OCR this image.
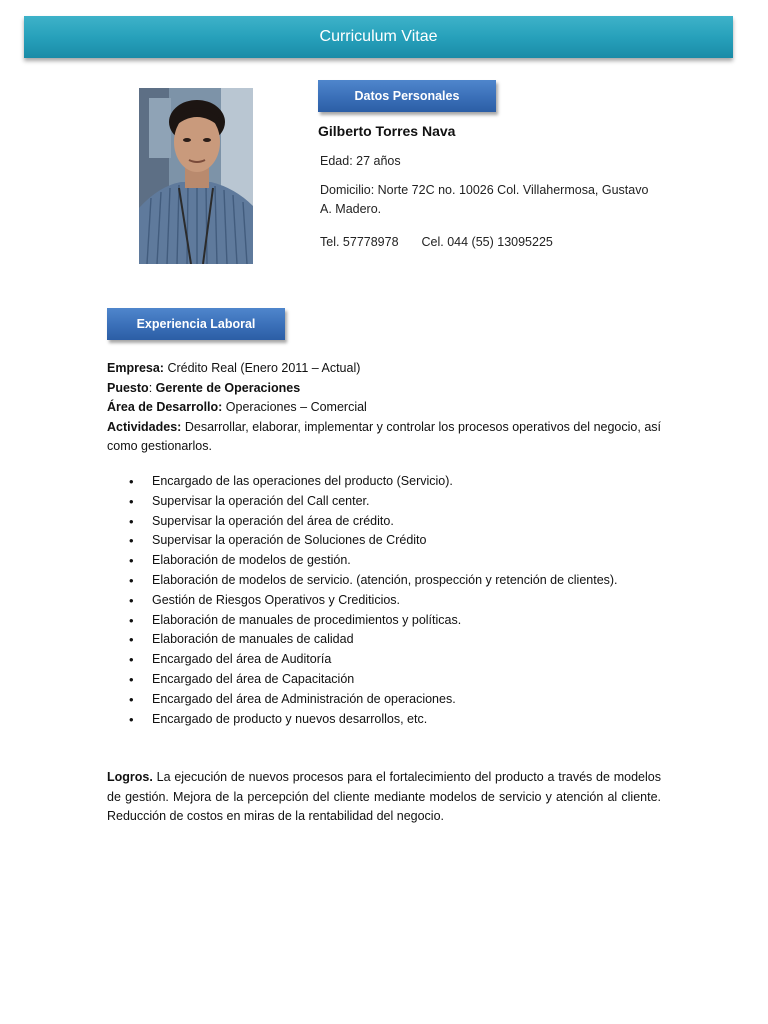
Curriculum Vitae
Datos Personales
Gilberto Torres Nava
Edad: 27 años
Domicilio: Norte 72C no. 10026 Col. Villahermosa, Gustavo A. Madero.
Tel. 57778978 Cel. 044 (55) 13095225
Experiencia Laboral
Empresa: Crédito Real (Enero 2011 – Actual)
Puesto: Gerente de Operaciones
Área de Desarrollo: Operaciones – Comercial
Actividades: Desarrollar, elaborar, implementar y controlar los procesos operativos del negocio, así como gestionarlos.
• Encargado de las operaciones del producto (Servicio).
• Supervisar la operación del Call center.
• Supervisar la operación del área de crédito.
• Supervisar la operación de Soluciones de Crédito
• Elaboración de modelos de gestión.
• Elaboración de modelos de servicio. (atención, prospección y retención de clientes).
• Gestión de Riesgos Operativos y Crediticios.
• Elaboración de manuales de procedimientos y políticas.
• Elaboración de manuales de calidad
• Encargado del área de Auditoría
• Encargado del área de Capacitación
• Encargado del área de Administración de operaciones.
• Encargado de producto y nuevos desarrollos, etc.
Logros. La ejecución de nuevos procesos para el fortalecimiento del producto a través de modelos de gestión. Mejora de la percepción del cliente mediante modelos de servicio y atención al cliente. Reducción de costos en miras de la rentabilidad del negocio.
